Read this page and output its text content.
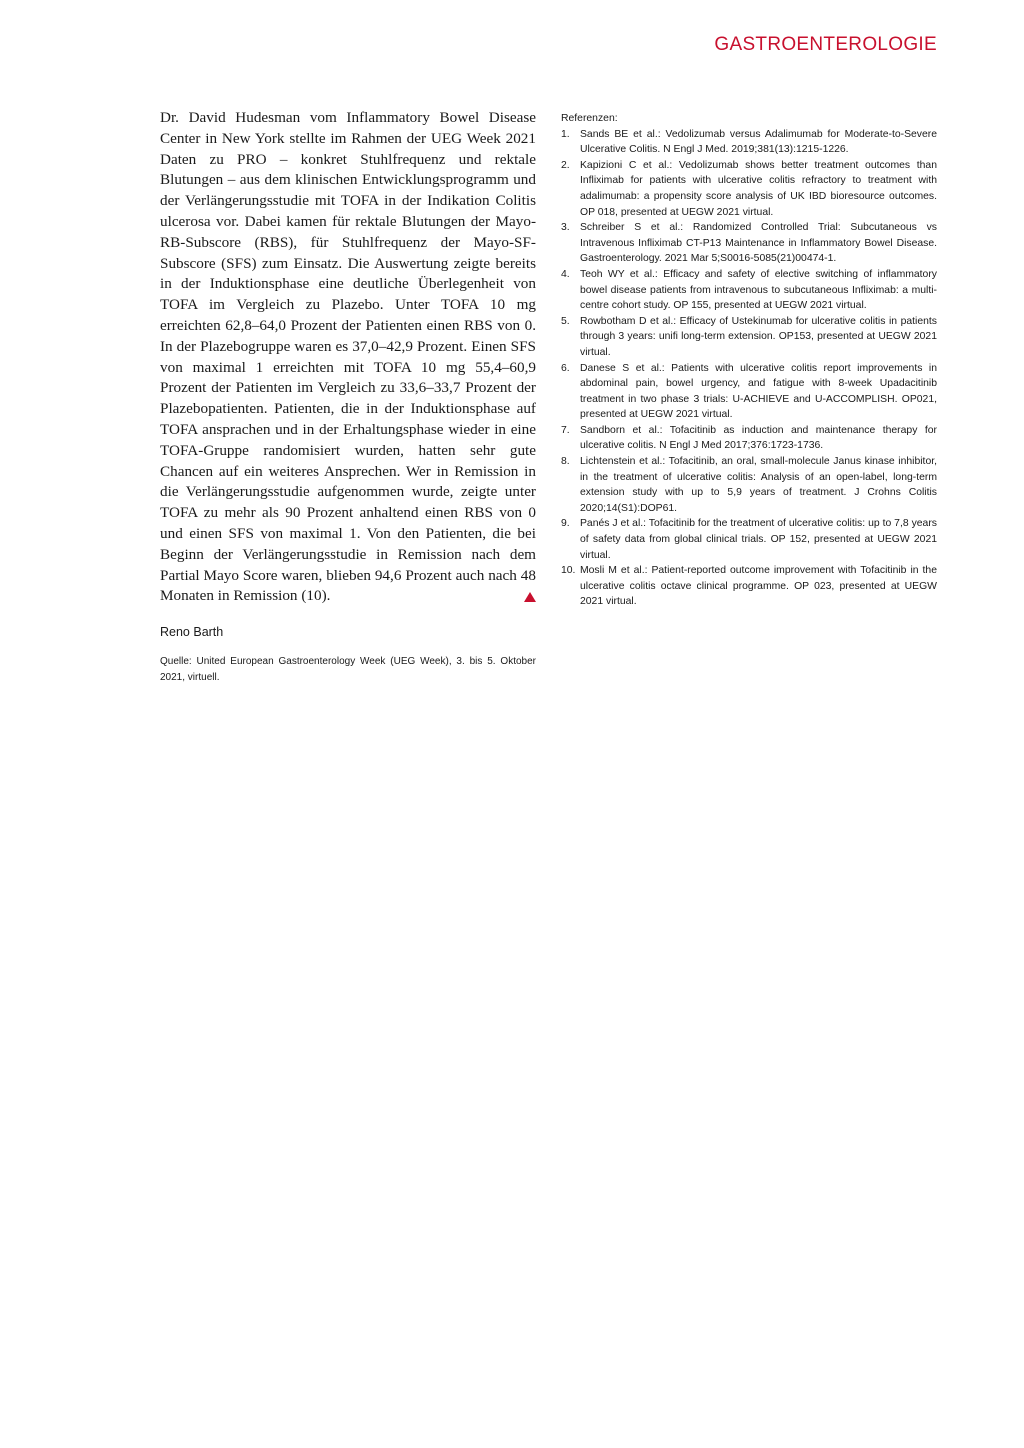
GASTROENTEROLOGIE

Dr. David Hudesman vom Inflammatory Bowel Disease Center in New York stellte im Rahmen der UEG Week 2021 Daten zu PRO – konkret Stuhlfrequenz und rektale Blutungen – aus dem klinischen Entwicklungsprogramm und der Verlängerungsstudie mit TOFA in der Indikation Colitis ulcerosa vor. Dabei kamen für rektale Blutungen der Mayo-RB-Subscore (RBS), für Stuhlfrequenz der Mayo-SF-Subscore (SFS) zum Einsatz. Die Auswertung zeigte bereits in der Induktionsphase eine deutliche Überlegenheit von TOFA im Vergleich zu Plazebo. Unter TOFA 10 mg erreichten 62,8–64,0 Prozent der Patienten einen RBS von 0. In der Plazebogruppe waren es 37,0–42,9 Prozent. Einen SFS von maximal 1 erreichten mit TOFA 10 mg 55,4–60,9 Prozent der Patienten im Vergleich zu 33,6–33,7 Prozent der Plazebopatienten. Patienten, die in der Induktionsphase auf TOFA ansprachen und in der Erhaltungsphase wieder in eine TOFA-Gruppe randomisiert wurden, hatten sehr gute Chancen auf ein weiteres Ansprechen. Wer in Remission in die Verlängerungsstudie aufgenommen wurde, zeigte unter TOFA zu mehr als 90 Prozent anhaltend einen RBS von 0 und einen SFS von maximal 1. Von den Patienten, die bei Beginn der Verlängerungsstudie in Remission nach dem Partial Mayo Score waren, blieben 94,6 Prozent auch nach 48 Monaten in Remission (10).

Reno Barth
Quelle: United European Gastroenterology Week (UEG Week), 3. bis 5. Oktober 2021, virtuell.

Referenzen:

1. Sands BE et al.: Vedolizumab versus Adalimumab for Moderate-to-Severe Ulcerative Colitis. N Engl J Med. 2019;381(13):1215-1226.
2. Kapizioni C et al.: Vedolizumab shows better treatment outcomes than Infliximab for patients with ulcerative colitis refractory to treatment with adalimumab: a propensity score analysis of UK IBD bioresource outcomes. OP 018, presented at UEGW 2021 virtual.
3. Schreiber S et al.: Randomized Controlled Trial: Subcutaneous vs Intravenous Infliximab CT-P13 Maintenance in Inflammatory Bowel Disease. Gastroenterology. 2021 Mar 5;S0016-5085(21)00474-1.
4. Teoh WY et al.: Efficacy and safety of elective switching of inflammatory bowel disease patients from intravenous to subcutaneous Infliximab: a multi-centre cohort study. OP 155, presented at UEGW 2021 virtual.
5. Rowbotham D et al.: Efficacy of Ustekinumab for ulcerative colitis in patients through 3 years: unifi long-term extension. OP153, presented at UEGW 2021 virtual.
6. Danese S et al.: Patients with ulcerative colitis report improvements in abdominal pain, bowel urgency, and fatigue with 8-week Upadacitinib treatment in two phase 3 trials: U-ACHIEVE and U-ACCOMPLISH. OP021, presented at UEGW 2021 virtual.
7. Sandborn et al.: Tofacitinib as induction and maintenance therapy for ulcerative colitis. N Engl J Med 2017;376:1723-1736.
8. Lichtenstein et al.: Tofacitinib, an oral, small-molecule Janus kinase inhibitor, in the treatment of ulcerative colitis: Analysis of an open-label, long-term extension study with up to 5,9 years of treatment. J Crohns Colitis 2020;14(S1):DOP61.
9. Panés J et al.: Tofacitinib for the treatment of ulcerative colitis: up to 7,8 years of safety data from global clinical trials. OP 152, presented at UEGW 2021 virtual.
10. Mosli M et al.: Patient-reported outcome improvement with Tofacitinib in the ulcerative colitis octave clinical programme. OP 023, presented at UEGW 2021 virtual.
